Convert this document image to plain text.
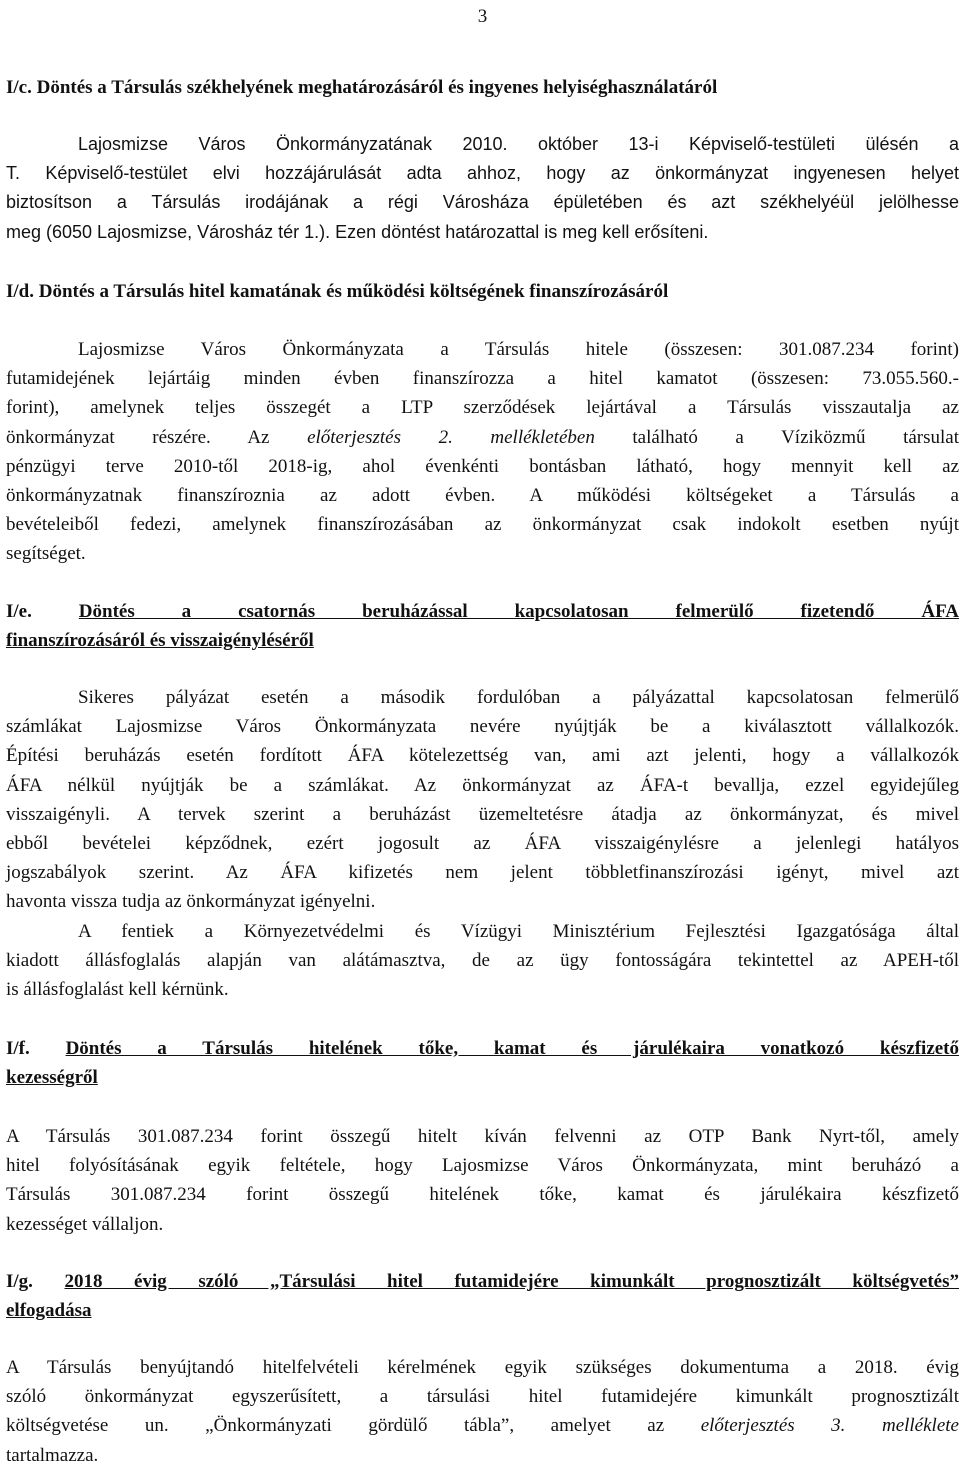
3
I/c. Döntés a Társulás székhelyének meghatározásáról és ingyenes helyiséghasználatáról
Lajosmizse Város Önkormányzatának 2010. október 13-i Képviselő-testületi ülésén a
T. Képviselő-testület elvi hozzájárulását adta ahhoz, hogy az önkormányzat ingyenesen helyet
biztosítson a Társulás irodájának a régi Városháza épületében és azt székhelyéül jelölhesse
meg (6050 Lajosmizse, Városház tér 1.). Ezen döntést határozattal is meg kell erősíteni.
I/d. Döntés a Társulás hitel kamatának és működési költségének finanszírozásáról
Lajosmizse Város Önkormányzata a Társulás hitele (összesen: 301.087.234 forint)
futamidejének lejártáig minden évben finanszírozza a hitel kamatot (összesen: 73.055.560.-
forint), amelynek teljes összegét a LTP szerződések lejártával a Társulás visszautalja az
önkormányzat részére. Az előterjesztés 2. mellékletében található a Víziközmű társulat
pénzügyi terve 2010-től 2018-ig, ahol évenkénti bontásban látható, hogy mennyit kell az
önkormányzatnak finanszíroznia az adott évben. A működési költségeket a Társulás a
bevételeiből fedezi, amelynek finanszírozásában az önkormányzat csak indokolt esetben nyújt
segítséget.
I/e. Döntés a csatornás beruházással kapcsolatosan felmerülő fizetendő ÁFA
finanszírozásáról és visszaigényléséről
Sikeres pályázat esetén a második fordulóban a pályázattal kapcsolatosan felmerülő
számlákat Lajosmizse Város Önkormányzata nevére nyújtják be a kiválasztott vállalkozók.
Építési beruházás esetén fordított ÁFA kötelezettség van, ami azt jelenti, hogy a vállalkozók
ÁFA nélkül nyújtják be a számlákat. Az önkormányzat az ÁFA-t bevallja, ezzel egyidejűleg
visszaigényli. A tervek szerint a beruházást üzemeltetésre átadja az önkormányzat, és mivel
ebből bevételei képződnek, ezért jogosult az ÁFA visszaigénylésre a jelenlegi hatályos
jogszabályok szerint. Az ÁFA kifizetés nem jelent többletfinanszírozási igényt, mivel azt
havonta vissza tudja az önkormányzat igényelni.
A fentiek a Környezetvédelmi és Vízügyi Minisztérium Fejlesztési Igazgatósága által
kiadott állásfoglalás alapján van alátámasztva, de az ügy fontosságára tekintettel az APEH-től
is állásfoglalást kell kérnünk.
I/f. Döntés a Társulás hitelének tőke, kamat és járulékaira vonatkozó készfizető
kezességről
A Társulás 301.087.234 forint összegű hitelt kíván felvenni az OTP Bank Nyrt-től, amely
hitel folyósításának egyik feltétele, hogy Lajosmizse Város Önkormányzata, mint beruházó a
Társulás 301.087.234 forint összegű hitelének tőke, kamat és járulékaira készfizető
kezességet vállaljon.
I/g. 2018 évig szóló „Társulási hitel futamidejére kimunkált prognosztizált költségvetés”
elfogadása
A Társulás benyújtandó hitelfelvételi kérelmének egyik szükséges dokumentuma a 2018. évig
szóló önkormányzat egyszerűsített, a társulási hitel futamidejére kimunkált prognosztizált
költségvetése un. „Önkormányzati gördülő tábla”, amelyet az előterjesztés 3. melléklete
tartalmazza.
